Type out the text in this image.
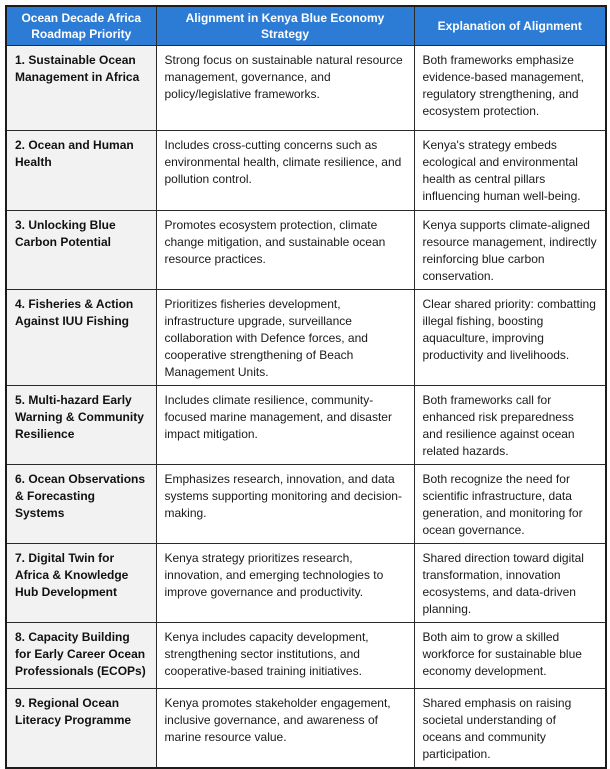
Ocean Decade Africa Roadmap Priority	Alignment in Kenya Blue Economy Strategy	Explanation of Alignment
1. Sustainable Ocean Management in Africa	Strong focus on sustainable natural resource management, governance, and policy/legislative frameworks.	Both frameworks emphasize evidence-based management, regulatory strengthening, and ecosystem protection.
2. Ocean and Human Health	Includes cross-cutting concerns such as environmental health, climate resilience, and pollution control.	Kenya's strategy embeds ecological and environmental health as central pillars influencing human well-being.
3. Unlocking Blue Carbon Potential	Promotes ecosystem protection, climate change mitigation, and sustainable ocean resource practices.	Kenya supports climate-aligned resource management, indirectly reinforcing blue carbon conservation.
4. Fisheries & Action Against IUU Fishing	Prioritizes fisheries development, infrastructure upgrade, surveillance collaboration with Defence forces, and cooperative strengthening of Beach Management Units.	Clear shared priority: combatting illegal fishing, boosting aquaculture, improving productivity and livelihoods.
5. Multi-hazard Early Warning & Community Resilience	Includes climate resilience, community-focused marine management, and disaster impact mitigation.	Both frameworks call for enhanced risk preparedness and resilience against ocean related hazards.
6. Ocean Observations & Forecasting Systems	Emphasizes research, innovation, and data systems supporting monitoring and decision-making.	Both recognize the need for scientific infrastructure, data generation, and monitoring for ocean governance.
7. Digital Twin for Africa & Knowledge Hub Development	Kenya strategy prioritizes research, innovation, and emerging technologies to improve governance and productivity.	Shared direction toward digital transformation, innovation ecosystems, and data-driven planning.
8. Capacity Building for Early Career Ocean Professionals (ECOPs)	Kenya includes capacity development, strengthening sector institutions, and cooperative-based training initiatives.	Both aim to grow a skilled workforce for sustainable blue economy development.
9. Regional Ocean Literacy Programme	Kenya promotes stakeholder engagement, inclusive governance, and awareness of marine resource value.	Shared emphasis on raising societal understanding of oceans and community participation.
